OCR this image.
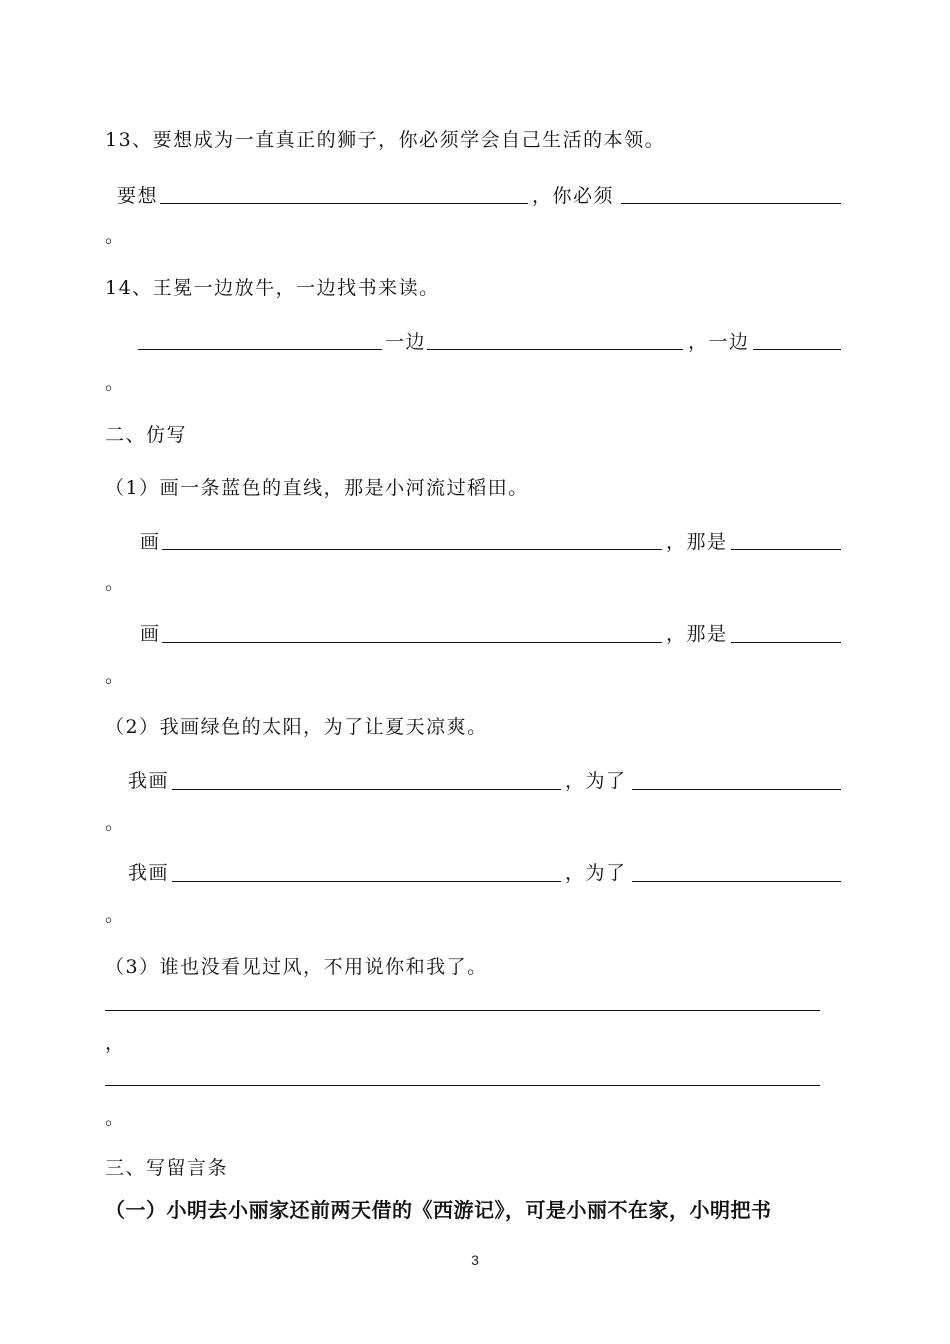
13、要想成为一直真正的狮子，你必须学会自己生活的本领。
要想	，你必须
。
14、王冕一边放牛，一边找书来读。
一边	，一边
。
二、仿写
（1）画一条蓝色的直线，那是小河流过稻田。
画	，那是
。
画	，那是
。
（2）我画绿色的太阳，为了让夏天凉爽。
我画	，为了
。
我画	，为了
。
（3）谁也没看见过风，不用说你和我了。
，
。
三、写留言条
（一）小明去小丽家还前两天借的《西游记》，可是小丽不在家，小明把书
3
